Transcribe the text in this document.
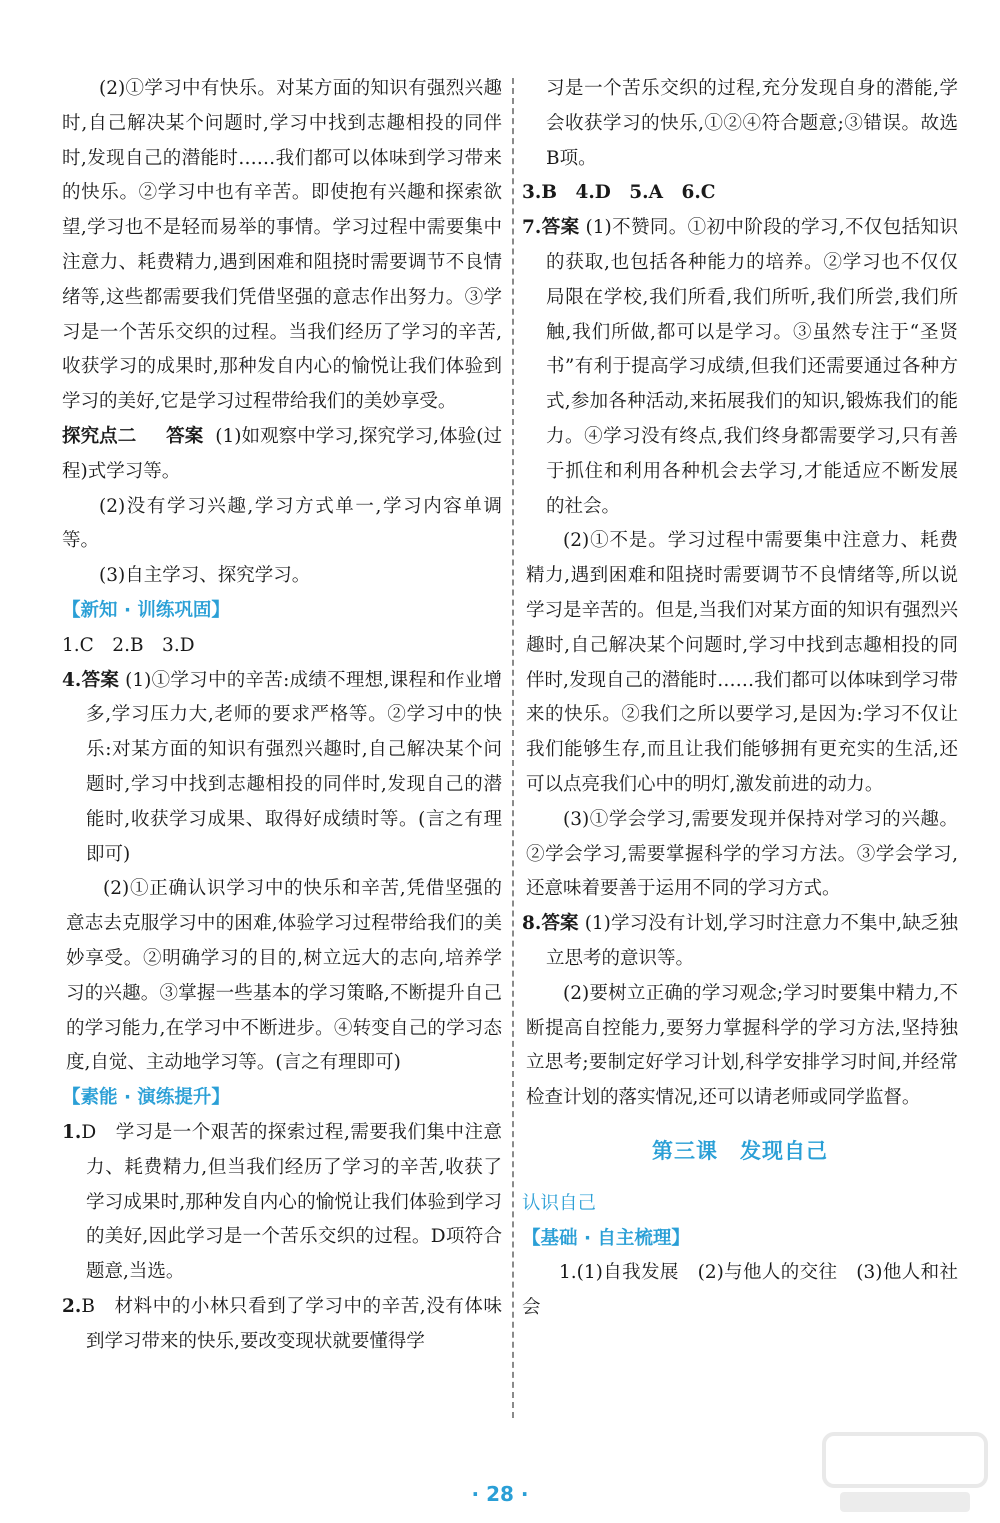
(2)①学习中有快乐。对某方面的知识有强烈兴趣时,自己解决某个问题时,学习中找到志趣相投的同伴时,发现自己的潜能时……我们都可以体味到学习带来的快乐。②学习中也有辛苦。即使抱有兴趣和探索欲望,学习也不是轻而易举的事情。学习过程中需要集中注意力、耗费精力,遇到困难和阻挠时需要调节不良情绪等,这些都需要我们凭借坚强的意志作出努力。③学习是一个苦乐交织的过程。当我们经历了学习的辛苦,收获学习的成果时,那种发自内心的愉悦让我们体验到学习的美好,它是学习过程带给我们的美妙享受。

探究点二 答案 (1)如观察中学习,探究学习,体验(过程)式学习等。

(2)没有学习兴趣,学习方式单一,学习内容单调等。

(3)自主学习、探究学习。

【新知 · 训练巩固】

1.C　2.B　3.D

4.答案 (1)①学习中的辛苦:成绩不理想,课程和作业增多,学习压力大,老师的要求严格等。②学习中的快乐:对某方面的知识有强烈兴趣时,自己解决某个问题时,学习中找到志趣相投的同伴时,发现自己的潜能时,收获学习成果、取得好成绩时等。(言之有理即可)

(2)①正确认识学习中的快乐和辛苦,凭借坚强的意志去克服学习中的困难,体验学习过程带给我们的美妙享受。②明确学习的目的,树立远大的志向,培养学习的兴趣。③掌握一些基本的学习策略,不断提升自己的学习能力,在学习中不断进步。④转变自己的学习态度,自觉、主动地学习等。(言之有理即可)

【素能 · 演练提升】

1.D　学习是一个艰苦的探索过程,需要我们集中注意力、耗费精力,但当我们经历了学习的辛苦,收获了学习成果时,那种发自内心的愉悦让我们体验到学习的美好,因此学习是一个苦乐交织的过程。D项符合题意,当选。

2.B　材料中的小林只看到了学习中的辛苦,没有体味到学习带来的快乐,要改变现状就要懂得学

习是一个苦乐交织的过程,充分发现自身的潜能,学会收获学习的快乐,①②④符合题意;③错误。故选B项。

3.B　4.D　5.A　6.C

7.答案 (1)不赞同。①初中阶段的学习,不仅包括知识的获取,也包括各种能力的培养。②学习也不仅仅局限在学校,我们所看,我们所听,我们所尝,我们所触,我们所做,都可以是学习。③虽然专注于“圣贤书”有利于提高学习成绩,但我们还需要通过各种方式,参加各种活动,来拓展我们的知识,锻炼我们的能力。④学习没有终点,我们终身都需要学习,只有善于抓住和利用各种机会去学习,才能适应不断发展的社会。

(2)①不是。学习过程中需要集中注意力、耗费精力,遇到困难和阻挠时需要调节不良情绪等,所以说学习是辛苦的。但是,当我们对某方面的知识有强烈兴趣时,自己解决某个问题时,学习中找到志趣相投的同伴时,发现自己的潜能时……我们都可以体味到学习带来的快乐。②我们之所以要学习,是因为:学习不仅让我们能够生存,而且让我们能够拥有更充实的生活,还可以点亮我们心中的明灯,激发前进的动力。

(3)①学会学习,需要发现并保持对学习的兴趣。②学会学习,需要掌握科学的学习方法。③学会学习,还意味着要善于运用不同的学习方式。

8.答案 (1)学习没有计划,学习时注意力不集中,缺乏独立思考的意识等。

(2)要树立正确的学习观念;学习时要集中精力,不断提高自控能力,要努力掌握科学的学习方法,坚持独立思考;要制定好学习计划,科学安排学习时间,并经常检查计划的落实情况,还可以请老师或同学监督。

第三课　发现自己

认识自己

【基础 · 自主梳理】

1.(1)自我发展　(2)与他人的交往　(3)他人和社会

· 28 ·
